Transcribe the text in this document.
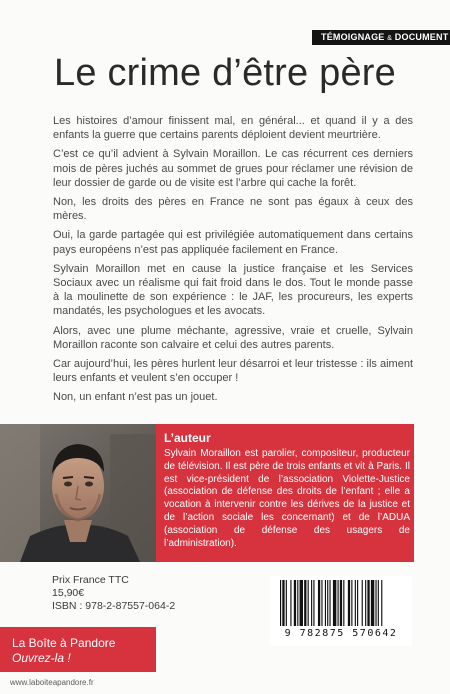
TÉMOIGNAGE & DOCUMENT
Le crime d’être père

Les histoires d’amour finissent mal, en général... et quand il y a des enfants la guerre que certains parents déploient devient meurtrière.

C’est ce qu’il advient à Sylvain Moraillon. Le cas récurrent ces derniers mois de pères juchés au sommet de grues pour réclamer une révision de leur dossier de garde ou de visite est l’arbre qui cache la forêt.

Non, les droits des pères en France ne sont pas égaux à ceux des mères.

Oui, la garde partagée qui est privilégiée automatiquement dans certains pays européens n’est pas appliquée facilement en France.

Sylvain Moraillon met en cause la justice française et les Services Sociaux avec un réalisme qui fait froid dans le dos. Tout le monde passe à la moulinette de son expérience : le JAF, les procureurs, les experts mandatés, les psychologues et les avocats.

Alors, avec une plume méchante, agressive, vraie et cruelle, Sylvain Moraillon raconte son calvaire et celui des autres parents.

Car aujourd’hui, les pères hurlent leur désarroi et leur tristesse : ils aiment leurs enfants et veulent s’en occuper !

Non, un enfant n’est pas un jouet.

L’auteur

Sylvain Moraillon est parolier, compositeur, producteur de télévision. Il est père de trois enfants et vit à Paris. Il est vice-président de l’association Violette-Justice (association de défense des droits de l’enfant ; elle a vocation à intervenir contre les dérives de la justice et de l’action sociale les concernant) et de l’ADUA (association de défense des usagers de l’administration).

Prix France TTC
15,90€
ISBN : 978-2-87557-064-2
La Boîte à Pandore
Ouvrez-la !
www.laboiteapandore.fr
9 782875 570642
